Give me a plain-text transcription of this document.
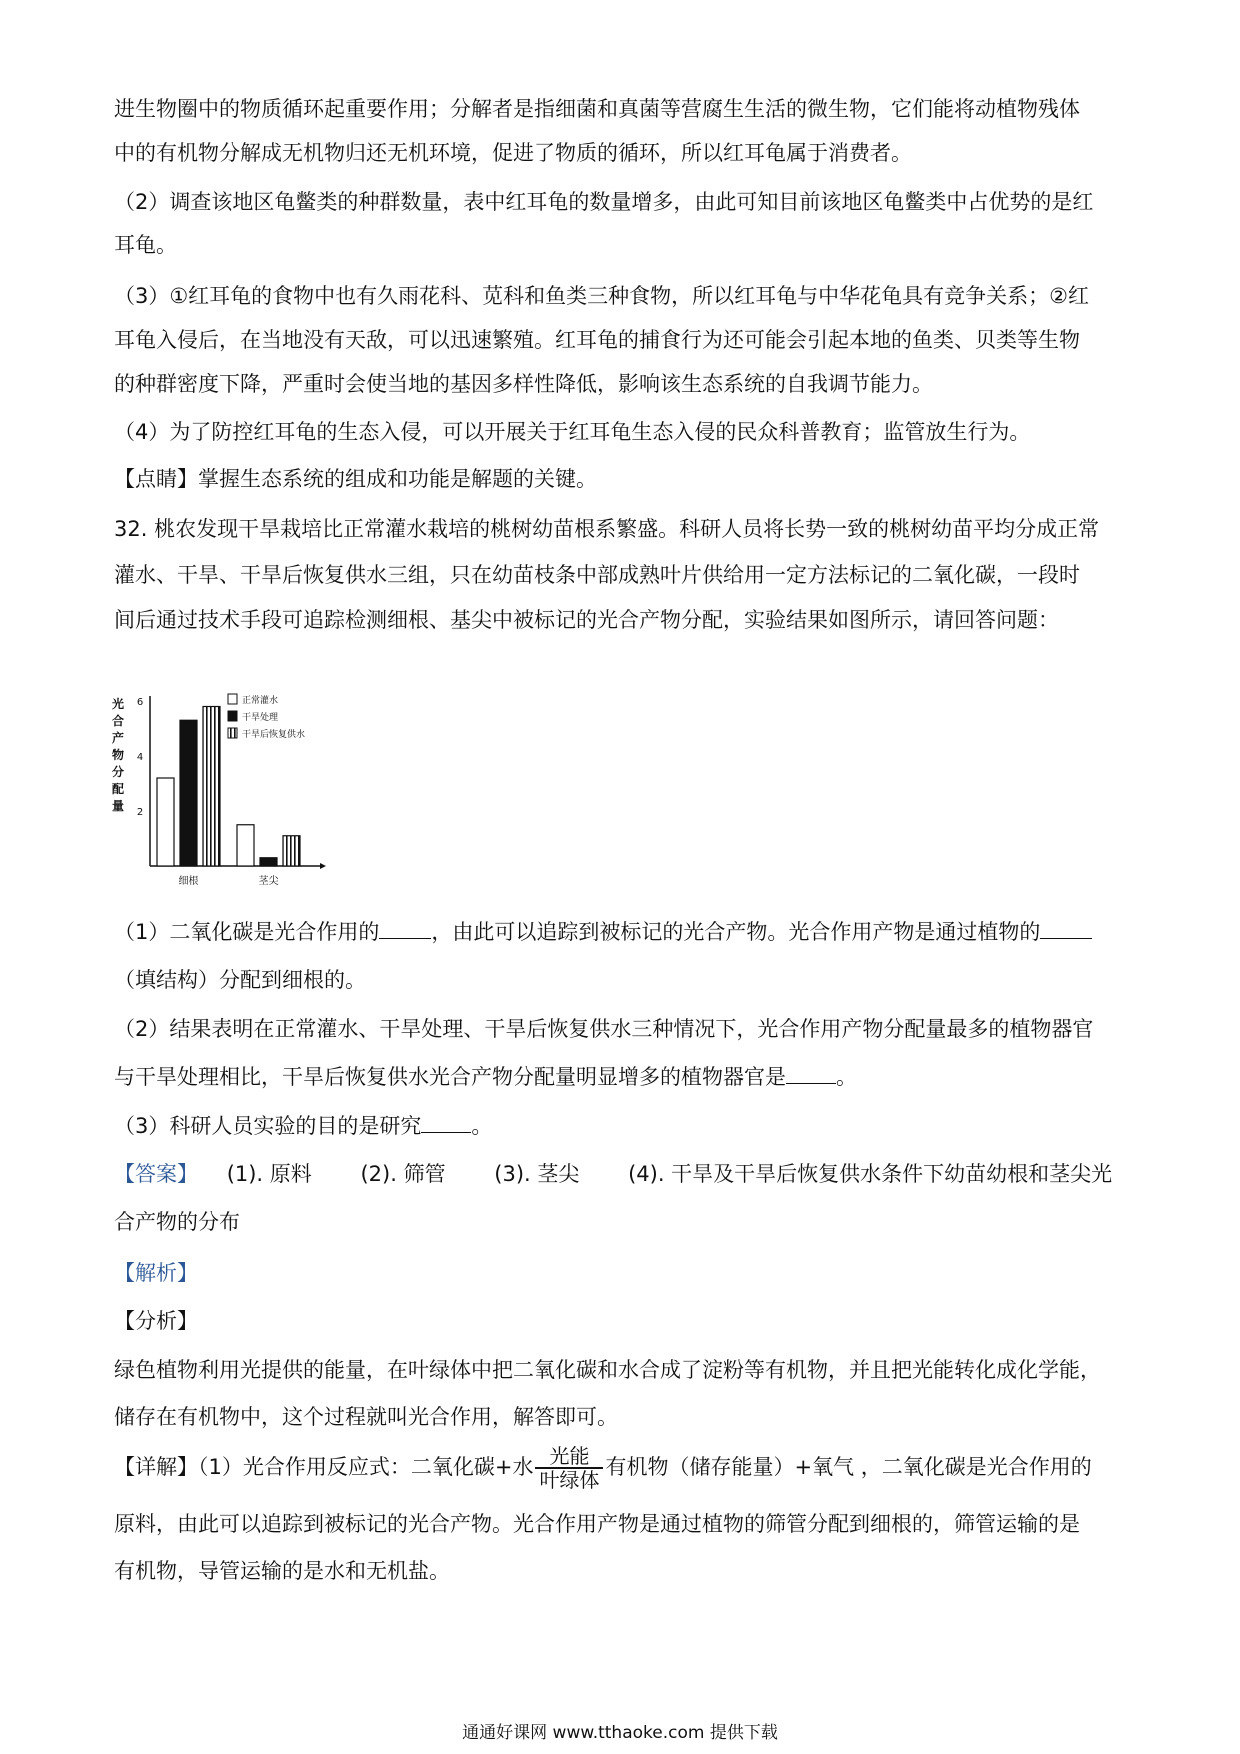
进生物圈中的物质循环起重要作用；分解者是指细菌和真菌等营腐生生活的微生物，它们能将动植物残体
中的有机物分解成无机物归还无机环境，促进了物质的循环，所以红耳龟属于消费者。
（2）调查该地区龟鳖类的种群数量，表中红耳龟的数量增多，由此可知目前该地区龟鳖类中占优势的是红
耳龟。
（3）①红耳龟的食物中也有久雨花科、苋科和鱼类三种食物，所以红耳龟与中华花龟具有竞争关系；②红
耳龟入侵后，在当地没有天敌，可以迅速繁殖。红耳龟的捕食行为还可能会引起本地的鱼类、贝类等生物
的种群密度下降，严重时会使当地的基因多样性降低，影响该生态系统的自我调节能力。
（4）为了防控红耳龟的生态入侵，可以开展关于红耳龟生态入侵的民众科普教育；监管放生行为。
【点睛】掌握生态系统的组成和功能是解题的关键。
32. 桃农发现干旱栽培比正常灌水栽培的桃树幼苗根系繁盛。科研人员将长势一致的桃树幼苗平均分成正常
灌水、干旱、干旱后恢复供水三组，只在幼苗枝条中部成熟叶片供给用一定方法标记的二氧化碳，一段时
间后通过技术手段可追踪检测细根、基尖中被标记的光合产物分配，实验结果如图所示，请回答问题：
光
合
产
物
分
配
量 2
4
6
细根	茎尖
正常灌水
干旱处理
干旱后恢复供水
（1）二氧化碳是光合作用的 ，由此可以追踪到被标记的光合产物。光合作用产物是通过植物的
（填结构）分配到细根的。
（2）结果表明在正常灌水、干旱处理、干旱后恢复供水三种情况下，光合作用产物分配量最多的植物器官
与干旱处理相比，干旱后恢复供水光合产物分配量明显增多的植物器官是 。
（3）科研人员实验的目的是研究 。
【答案】 (1). 原料 (2). 筛管 (3). 茎尖 (4). 干旱及干旱后恢复供水条件下幼苗幼根和茎尖光
合产物的分布
【解析】
【分析】
绿色植物利用光提供的能量，在叶绿体中把二氧化碳和水合成了淀粉等有机物，并且把光能转化成化学能，
储存在有机物中，这个过程就叫光合作用，解答即可。
【详解】（1）光合作用反应式：二氧化碳+水 光能
叶绿体
有机物（储存能量）+氧气 ，二氧化碳是光合作用的
原料，由此可以追踪到被标记的光合产物。光合作用产物是通过植物的筛管分配到细根的，筛管运输的是
有机物，导管运输的是水和无机盐。
通通好课网 www.tthaoke.com 提供下载
